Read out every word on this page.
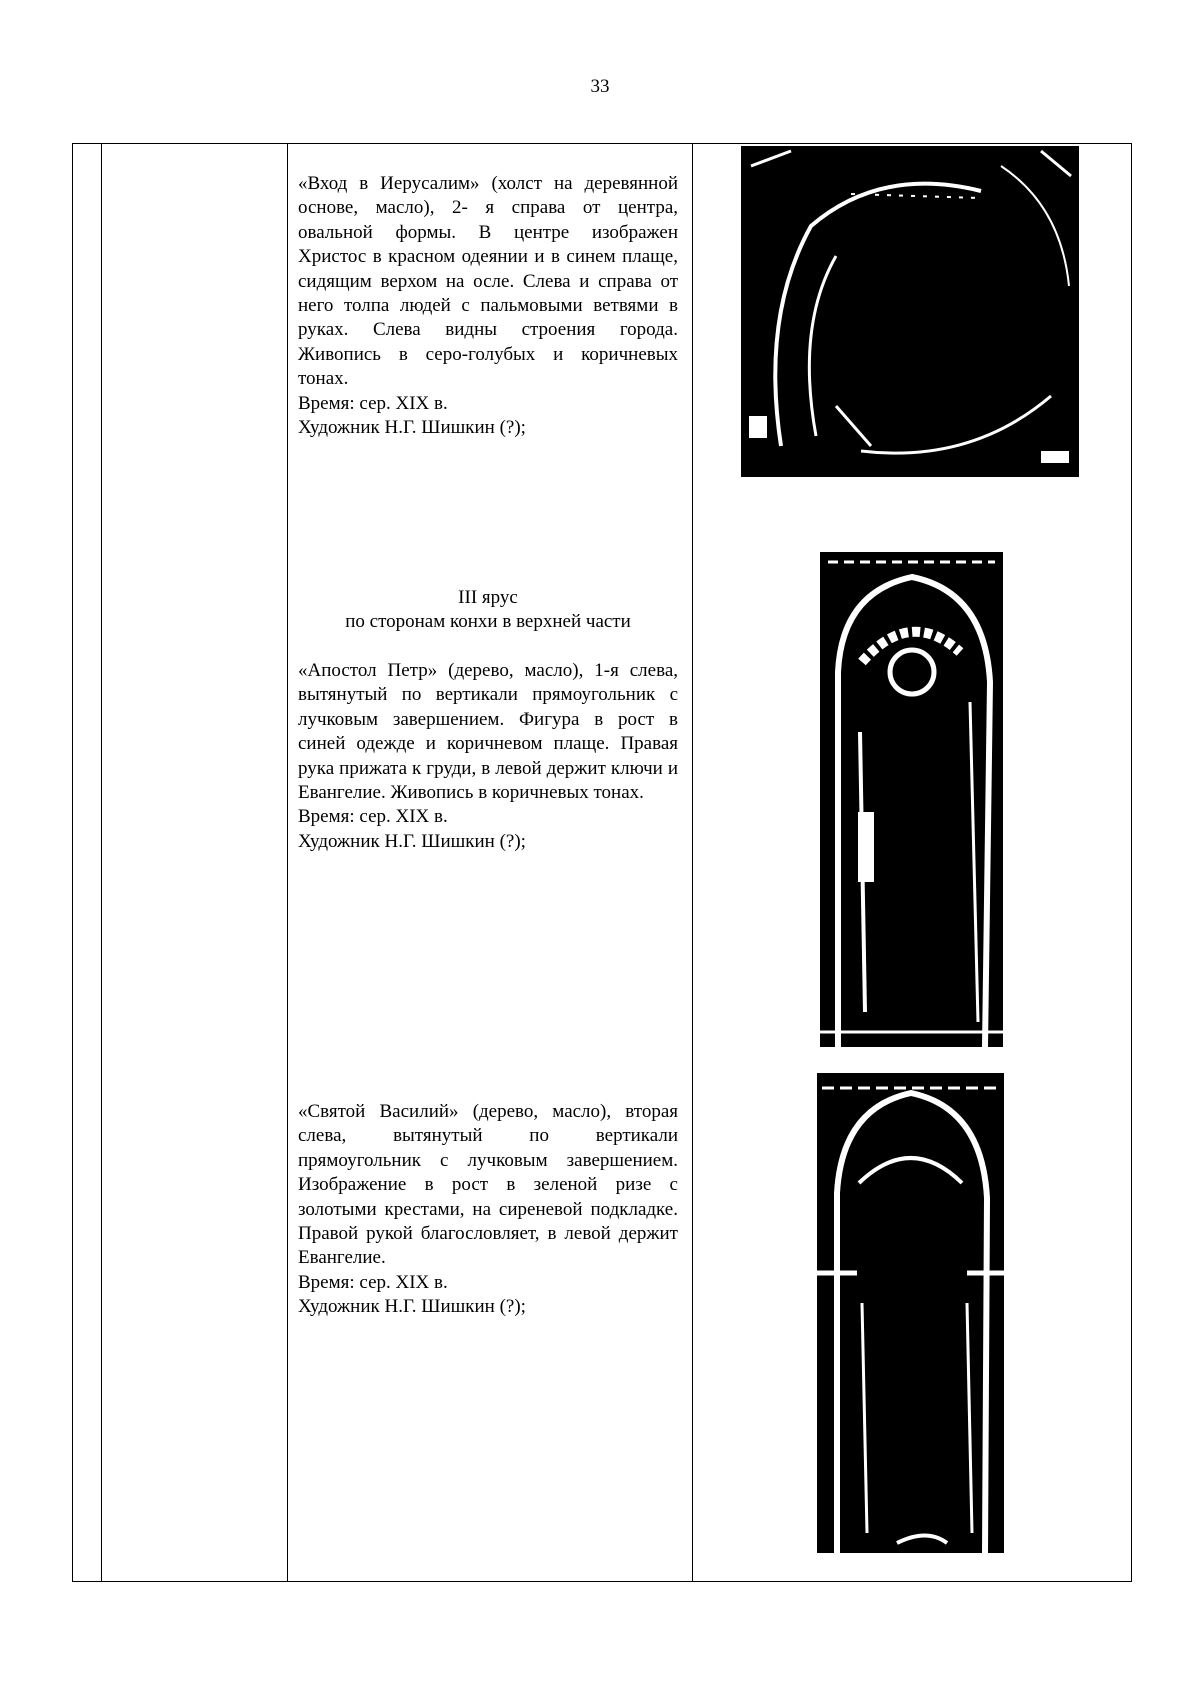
33

«Вход в Иерусалим» (холст на деревянной основе, масло), 2- я справа от центра, овальной формы. В центре изображен Христос в красном одеянии и в синем плаще, сидящим верхом на осле. Слева и справа от него толпа людей с пальмовыми ветвями в руках. Слева видны строения города. Живопись в серо-голубых и коричневых тонах.

Время: сер. XIX в.

Художник Н.Г. Шишкин (?);

III ярус
по сторонам конхи в верхней части

«Апостол Петр» (дерево, масло), 1-я слева, вытянутый по вертикали прямоугольник с лучковым завершением. Фигура в рост в синей одежде и коричневом плаще. Правая рука прижата к груди, в левой держит ключи и Евангелие. Живопись в коричневых тонах.

Время: сер. XIX в.

Художник Н.Г. Шишкин (?);

«Святой Василий» (дерево, масло), вторая слева, вытянутый по вертикали прямоугольник с лучковым завершением. Изображение в рост в зеленой ризе с золотыми крестами, на сиреневой подкладке. Правой рукой благословляет, в левой держит Евангелие.

Время: сер. XIX в.

Художник Н.Г. Шишкин (?);
